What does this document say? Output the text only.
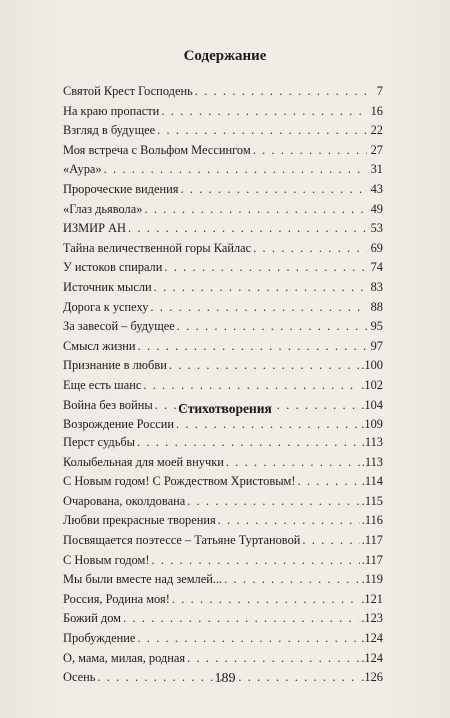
Содержание
Святой Крест Господень . . .	7
На краю пропасти . . .	16
Взгляд в будущее . . .	22
Моя встреча с Вольфом Мессингом . . .	27
«Аура» . . .	31
Пророческие видения . . .	43
«Глаз дьявола» . . .	49
ИЗМИР АН . . .	53
Тайна величественной горы Кайлас . . .	69
У истоков спирали . . .	74
Источник мысли . . .	83
Дорога к успеху . . .	88
За завесой – будущее . . .	95
Смысл жизни . . .	97
Признание в любви . . .	.100
Еще есть шанс . . .	.102
Война без войны . . .	.104
Возрождение России . . .	.109
Стихотворения
Перст судьбы . . .	.113
Колыбельная для моей внучки . . .	.113
С Новым годом! С Рождеством Христовым! . . .	.114
Очарована, околдована . . .	.115
Любви прекрасные творения . . .	.116
Посвящается поэтессе – Татьяне Туртановой . . .	.117
С Новым годом! . . .	.117
Мы были вместе над землей... . . .	.119
Россия, Родина моя! . . .	.121
Божий дом . . .	.123
Пробуждение . . .	.124
О, мама, милая, родная . . .	.124
Осень . . .	.126
189
